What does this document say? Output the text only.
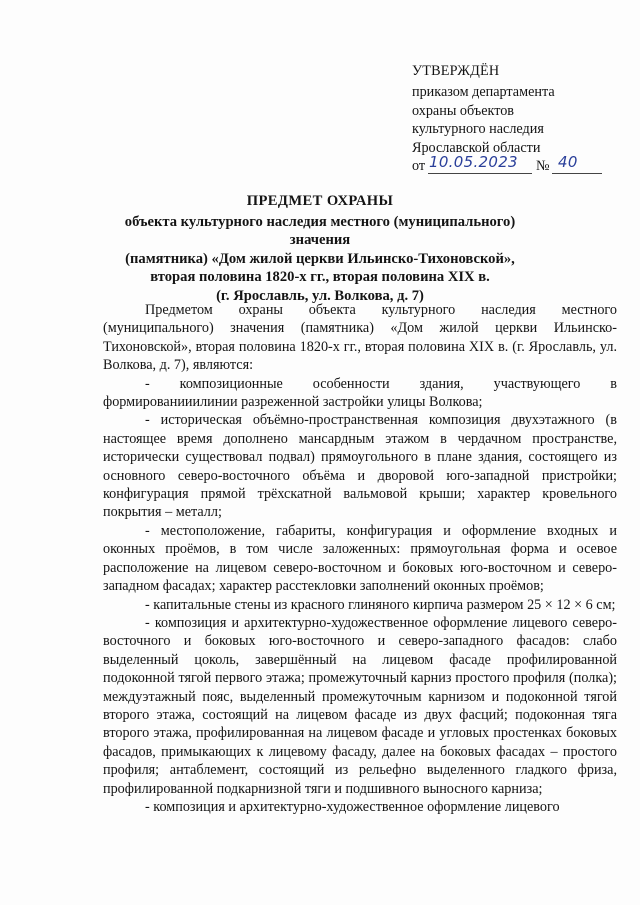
УТВЕРЖДЁН
приказом департамента
охраны объектов
культурного наследия
Ярославской области
от 10.05.2023 № 40
ПРЕДМЕТ ОХРАНЫ
объекта культурного наследия местного (муниципального) значения
(памятника) «Дом жилой церкви Ильинско-Тихоновской»,
вторая половина 1820-х гг., вторая половина XIX в.
(г. Ярославль, ул. Волкова, д. 7)

Предметом охраны объекта культурного наследия местного (муниципального) значения (памятника) «Дом жилой церкви Ильинско-Тихоновской», вторая половина 1820-х гг., вторая половина XIX в. (г. Ярославль, ул. Волкова, д. 7), являются:

- композиционные особенности здания, участвующего в формированииилинии разреженной застройки улицы Волкова;

- историческая объёмно-пространственная композиция двухэтажного (в настоящее время дополнено мансардным этажом в чердачном пространстве, исторически существовал подвал) прямоугольного в плане здания, состоящего из основного северо-восточного объёма и дворовой юго-западной пристройки; конфигурация прямой трёхскатной вальмовой крыши; характер кровельного покрытия – металл;

- местоположение, габариты, конфигурация и оформление входных и оконных проёмов, в том числе заложенных: прямоугольная форма и осевое расположение на лицевом северо-восточном и боковых юго-восточном и северо-западном фасадах; характер расстекловки заполнений оконных проёмов;

- капитальные стены из красного глиняного кирпича размером 25 × 12 × 6 см;

- композиция и архитектурно-художественное оформление лицевого северо-восточного и боковых юго-восточного и северо-западного фасадов: слабо выделенный цоколь, завершённый на лицевом фасаде профилированной подоконной тягой первого этажа; промежуточный карниз простого профиля (полка); междуэтажный пояс, выделенный промежуточным карнизом и подоконной тягой второго этажа, состоящий на лицевом фасаде из двух фасций; подоконная тяга второго этажа, профилированная на лицевом фасаде и угловых простенках боковых фасадов, примыкающих к лицевому фасаду, далее на боковых фасадах – простого профиля; антаблемент, состоящий из рельефно выделенного гладкого фриза, профилированной подкарнизной тяги и подшивного выносного карниза;

- композиция и архитектурно-художественное оформление лицевого
